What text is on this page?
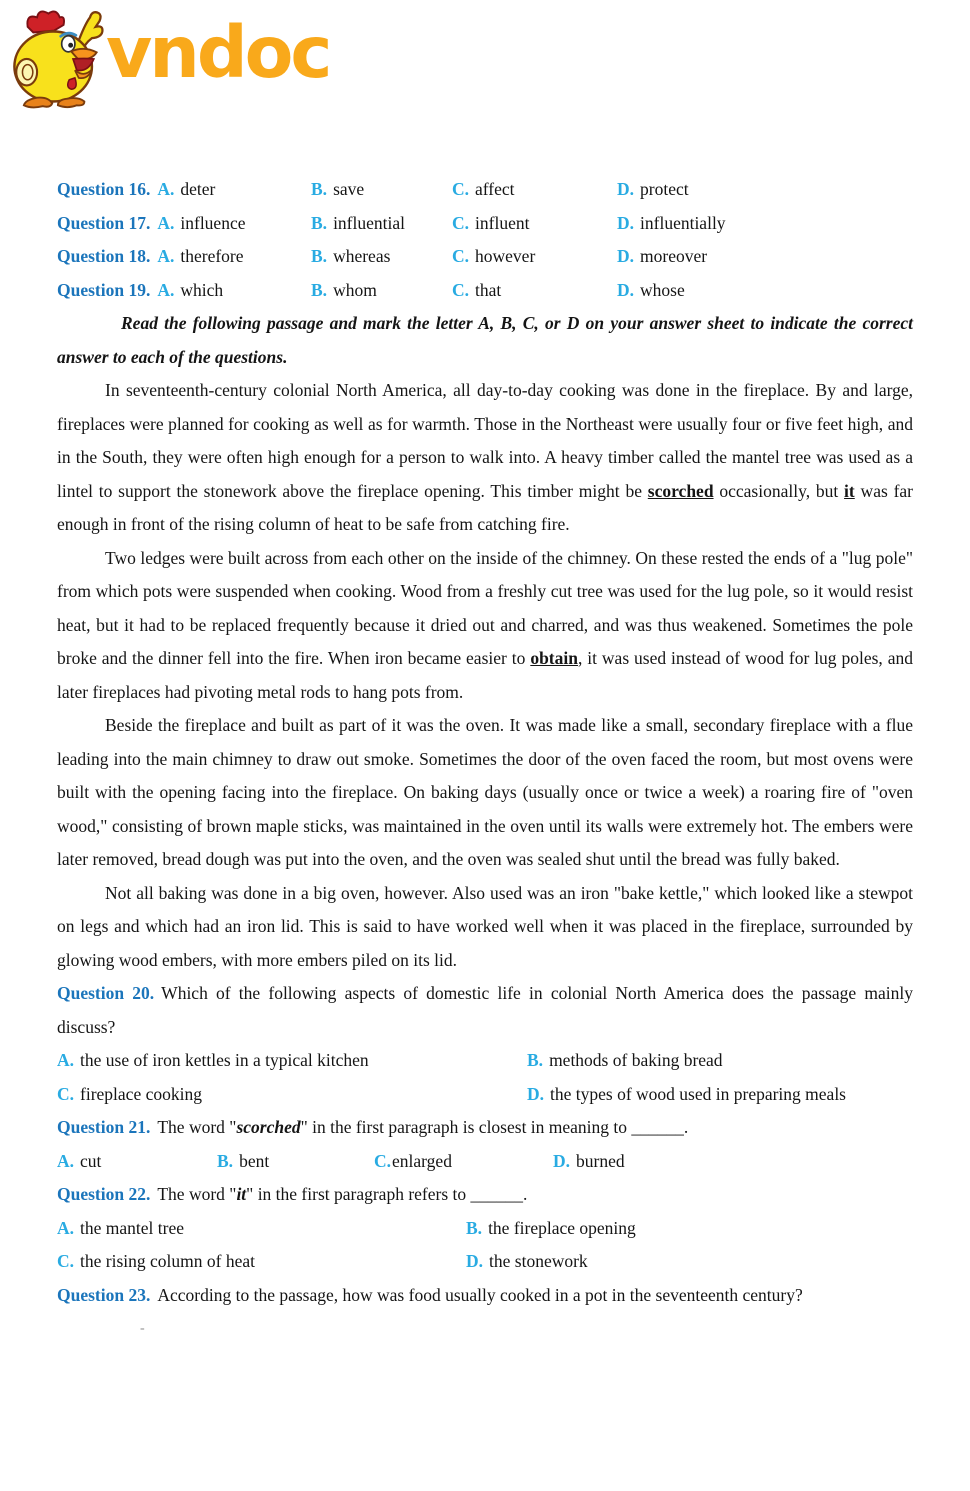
vndoc
Question 16. A. deter	B. save	C. affect	D. protect
Question 17. A. influence	B. influential	C. influent	D. influentially
Question 18. A. therefore	B. whereas	C. however	D. moreover
Question 19. A. which	B. whom	C. that	D. whose

Read the following passage and mark the letter A, B, C, or D on your answer sheet to indicate the correct answer to each of the questions.

In seventeenth-century colonial North America, all day-to-day cooking was done in the fireplace. By and large, fireplaces were planned for cooking as well as for warmth. Those in the Northeast were usually four or five feet high, and in the South, they were often high enough for a person to walk into. A heavy timber called the mantel tree was used as a lintel to support the stonework above the fireplace opening. This timber might be scorched occasionally, but it was far enough in front of the rising column of heat to be safe from catching fire.

Two ledges were built across from each other on the inside of the chimney. On these rested the ends of a "lug pole" from which pots were suspended when cooking. Wood from a freshly cut tree was used for the lug pole, so it would resist heat, but it had to be replaced frequently because it dried out and charred, and was thus weakened. Sometimes the pole broke and the dinner fell into the fire. When iron became easier to obtain, it was used instead of wood for lug poles, and later fireplaces had pivoting metal rods to hang pots from.

Beside the fireplace and built as part of it was the oven. It was made like a small, secondary fireplace with a flue leading into the main chimney to draw out smoke. Sometimes the door of the oven faced the room, but most ovens were built with the opening facing into the fireplace. On baking days (usually once or twice a week) a roaring fire of "oven wood," consisting of brown maple sticks, was maintained in the oven until its walls were extremely hot. The embers were later removed, bread dough was put into the oven, and the oven was sealed shut until the bread was fully baked.

Not all baking was done in a big oven, however. Also used was an iron "bake kettle," which looked like a stewpot on legs and which had an iron lid. This is said to have worked well when it was placed in the fireplace, surrounded by glowing wood embers, with more embers piled on its lid.

Question 20. Which of the following aspects of domestic life in colonial North America does the passage mainly discuss?

A. the use of iron kettles in a typical kitchen	B. methods of baking bread
C. fireplace cooking	D. the types of wood used in preparing meals

Question 21. The word "scorched" in the first paragraph is closest in meaning to ______.

A. cut	B. bent	C.enlarged	D. burned

Question 22. The word "it" in the first paragraph refers to ______.

A. the mantel tree	B. the fireplace opening
C. the rising column of heat	D. the stonework

Question 23. According to the passage, how was food usually cooked in a pot in the seventeenth century?

-
